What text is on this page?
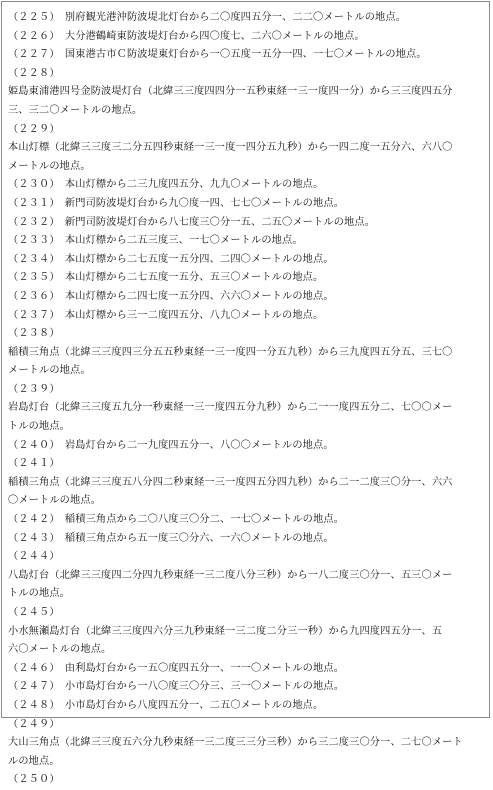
（２２５）　別府観光港沖防波堤北灯台から二〇度四五分一、二二〇メートルの地点。
（２２６）　大分港鶴崎東防波堤灯台から四〇度七、二六〇メートルの地点。
（２２７）　国東港古市Ｃ防波堤東灯台から一〇五度一五分一四、一七〇メートルの地点。
（２２８）
姫島東浦港四号金防波堤灯台（北緯三三度四四分一五秒東経一三一度四一分）から三三度四五分
三、三二〇メートルの地点。
（２２９）
本山灯標（北緯三三度三二分五四秒東経一三一度一四分五九秒）から一四二度一五分六、六八〇
メートルの地点。
（２３０）　本山灯標から二三九度四五分、九九〇メートルの地点。
（２３１）　新門司防波堤灯台から九〇度一四、七七〇メートルの地点。
（２３２）　新門司防波堤灯台から八七度三〇分一五、二五〇メートルの地点。
（２３３）　本山灯標から二五三度三、一七〇メートルの地点。
（２３４）　本山灯標から二七五度一五分四、二四〇メートルの地点。
（２３５）　本山灯標から二七五度一五分、五三〇メートルの地点。
（２３６）　本山灯標から二四七度一五分四、六六〇メートルの地点。
（２３７）　本山灯標から三一二度四五分、八九〇メートルの地点。
（２３８）
稲積三角点（北緯三三度四三分五五秒東経一三一度四一分五九秒）から三九度四五分五、三七〇
メートルの地点。
（２３９）
岩島灯台（北緯三三度五九分一秒東経一三一度四五分九秒）から二一一度四五分二、七〇〇メー
トルの地点。
（２４０）　岩島灯台から二一九度四五分一、八〇〇メートルの地点。
（２４１）
稲積三角点（北緯三三度五八分四二秒東経一三一度四五分四九秒）から二一二度三〇分一、六六
〇メートルの地点。
（２４２）　稲積三角点から二〇八度三〇分二、一七〇メートルの地点。
（２４３）　稲積三角点から五一度三〇分六、一六〇メートルの地点。
（２４４）
八島灯台（北緯三三度四二分四九秒東経一三二度八分三秒）から一八二度三〇分一、五三〇メー
トルの地点。
（２４５）
小水無瀬島灯台（北緯三三度四六分三九秒東経一三二度二分三一秒）から九四度四五分一、五
六〇メートルの地点。
（２４６）　由利島灯台から一五〇度四五分一、一一〇メートルの地点。
（２４７）　小市島灯台から一八〇度三〇分三、三一〇メートルの地点。
（２４８）　小市島灯台から八度四五分一、二五〇メートルの地点。
（２４９）
大山三角点（北緯三三度五六分九秒東経一三二度三三分三秒）から三二度三〇分一、二七〇メート
ルの地点。
（２５０）
